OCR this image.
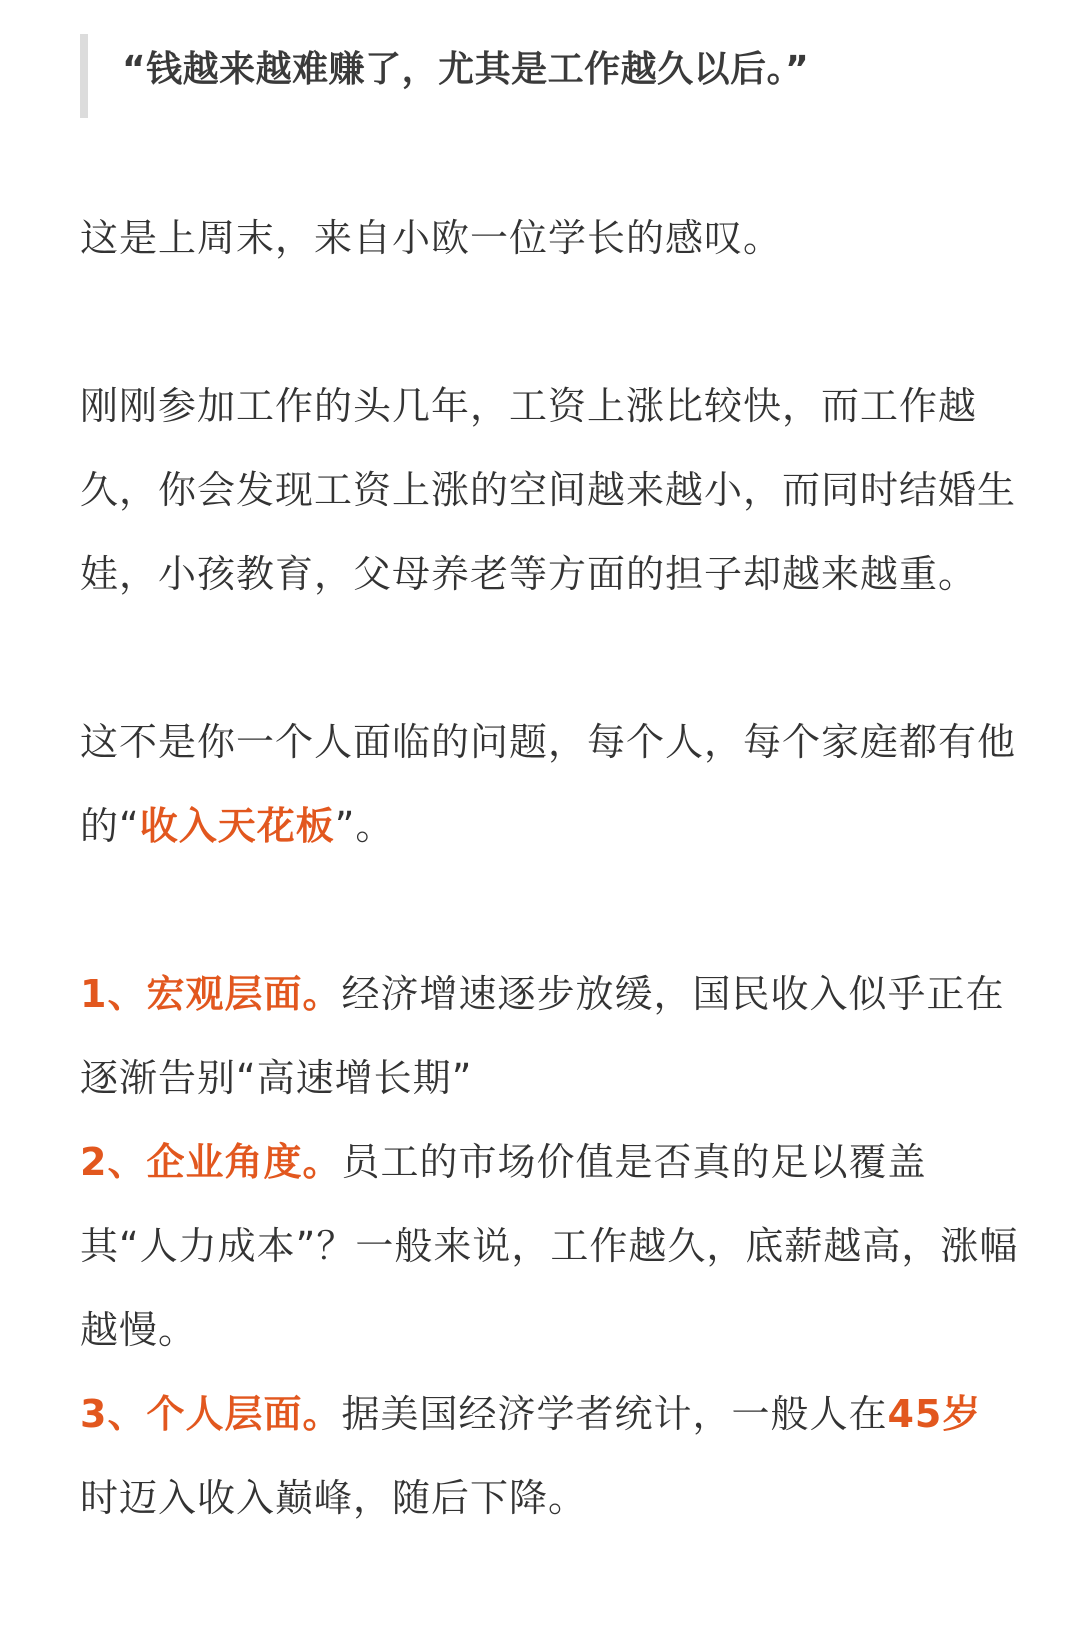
“钱越来越难赚了，尤其是工作越久以后。”

这是上周末，来自小欧一位学长的感叹。

刚刚参加工作的头几年，工资上涨比较快，而工作越久，你会发现工资上涨的空间越来越小，而同时结婚生娃，小孩教育，父母养老等方面的担子却越来越重。

这不是你一个人面临的问题，每个人，每个家庭都有他的“收入天花板”。

1、宏观层面。经济增速逐步放缓，国民收入似乎正在逐渐告别“高速增长期”

2、企业角度。员工的市场价值是否真的足以覆盖其“人力成本”？一般来说，工作越久，底薪越高，涨幅越慢。

3、个人层面。据美国经济学者统计，一般人在45岁时迈入收入巅峰，随后下降。
